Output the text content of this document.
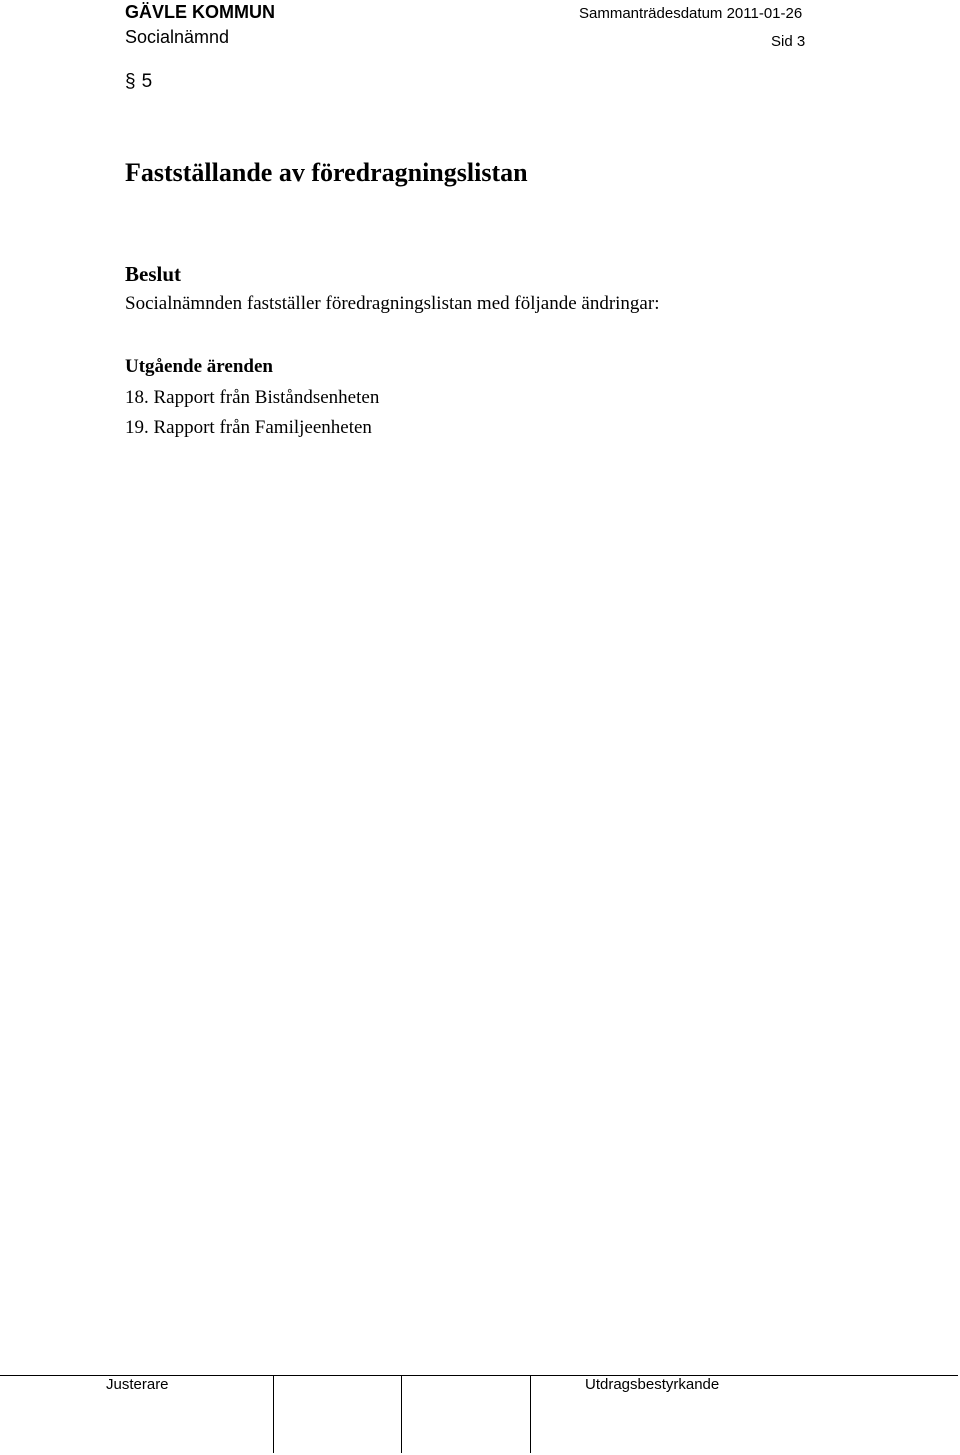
GÄVLE KOMMUN
Socialnämnd
Sammanträdesdatum 2011-01-26
Sid 3
§ 5
Fastställande av föredragningslistan
Beslut
Socialnämnden fastställer föredragningslistan med följande ändringar:
Utgående ärenden
18. Rapport från Biståndsenheten
19. Rapport från Familjeenheten
Justerare	Utdragsbestyrkande
